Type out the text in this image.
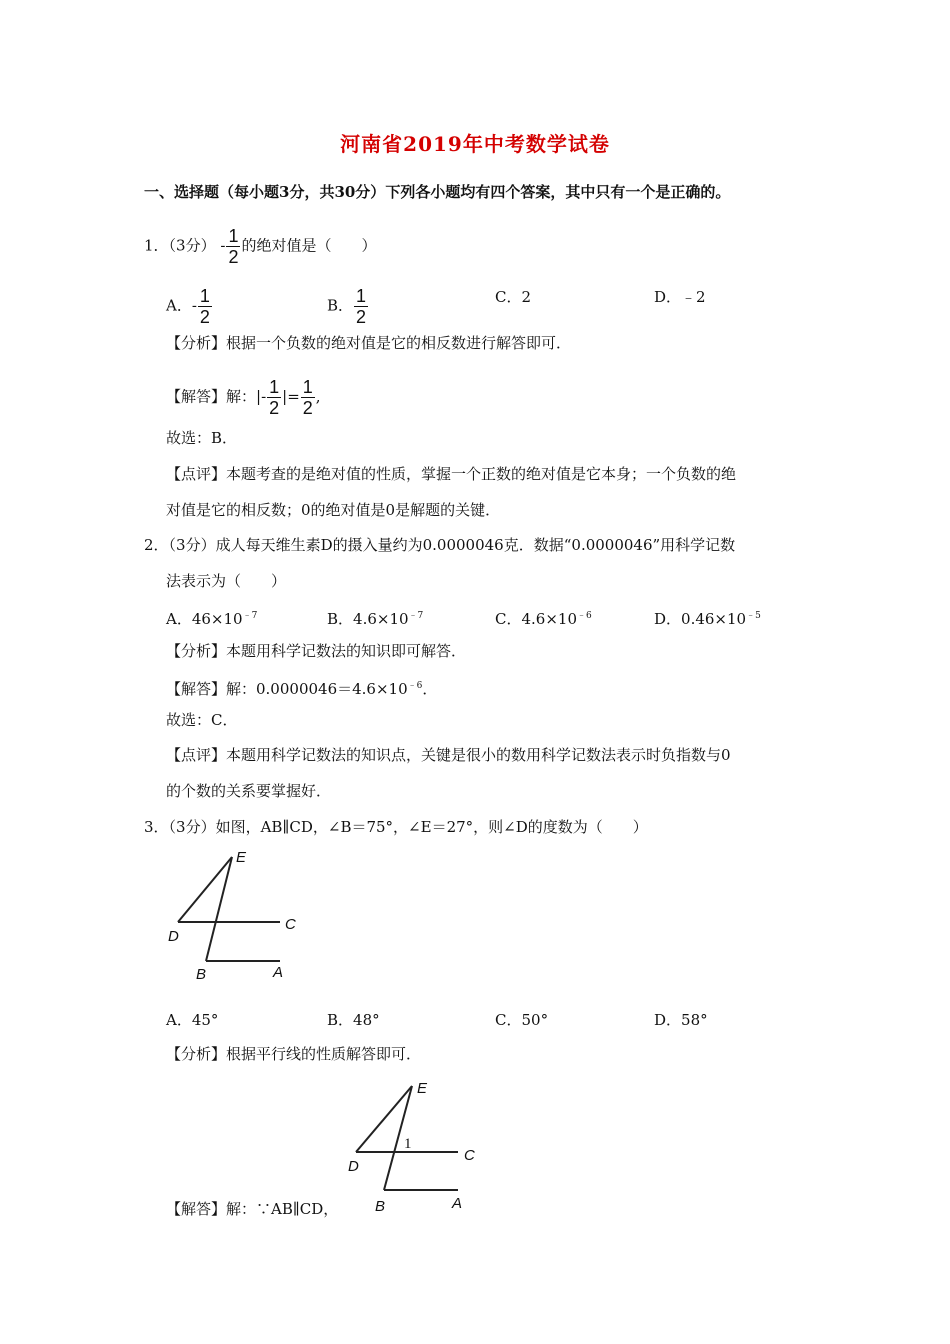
河南省2019年中考数学试卷
一、选择题（每小题3分，共30分）下列各小题均有四个答案，其中只有一个是正确的。
1．（3分） - $\frac{1}{2}$ 的绝对值是（　　）
A．- $\frac{1}{2}$	B． $\frac{1}{2}$	C．2	D．﹣2
【分析】根据一个负数的绝对值是它的相反数进行解答即可．
【解答】解：|- $\frac{1}{2}$ |= $\frac{1}{2}$ ,
故选：B．
【点评】本题考查的是绝对值的性质，掌握一个正数的绝对值是它本身；一个负数的绝
对值是它的相反数；0的绝对值是0是解题的关键．
2．（3分）成人每天维生素D的摄入量约为0.0000046克．数据“0.0000046”用科学记数
法表示为（　　）
A．$46\times 10^{﹣7}$	B．$4.6\times 10^{﹣7}$	C．$4.6\times 10^{﹣6}$	D．$0.46\times 10^{﹣5}$
【分析】本题用科学记数法的知识即可解答．
【解答】解：$0.0000046=4.6\times 10^{﹣6}$．
故选：C．
【点评】本题用科学记数法的知识点，关键是很小的数用科学记数法表示时负指数与0
的个数的关系要掌握好．
3．（3分）如图，AB∥CD，∠B＝75°，∠E＝27°，则∠D的度数为（　　）
E
C
D
B	A
A．45°	B．48°	C．50°	D．58°
【分析】根据平行线的性质解答即可．
E
1
C
D
B	A
【解答】解：∵AB∥CD，
